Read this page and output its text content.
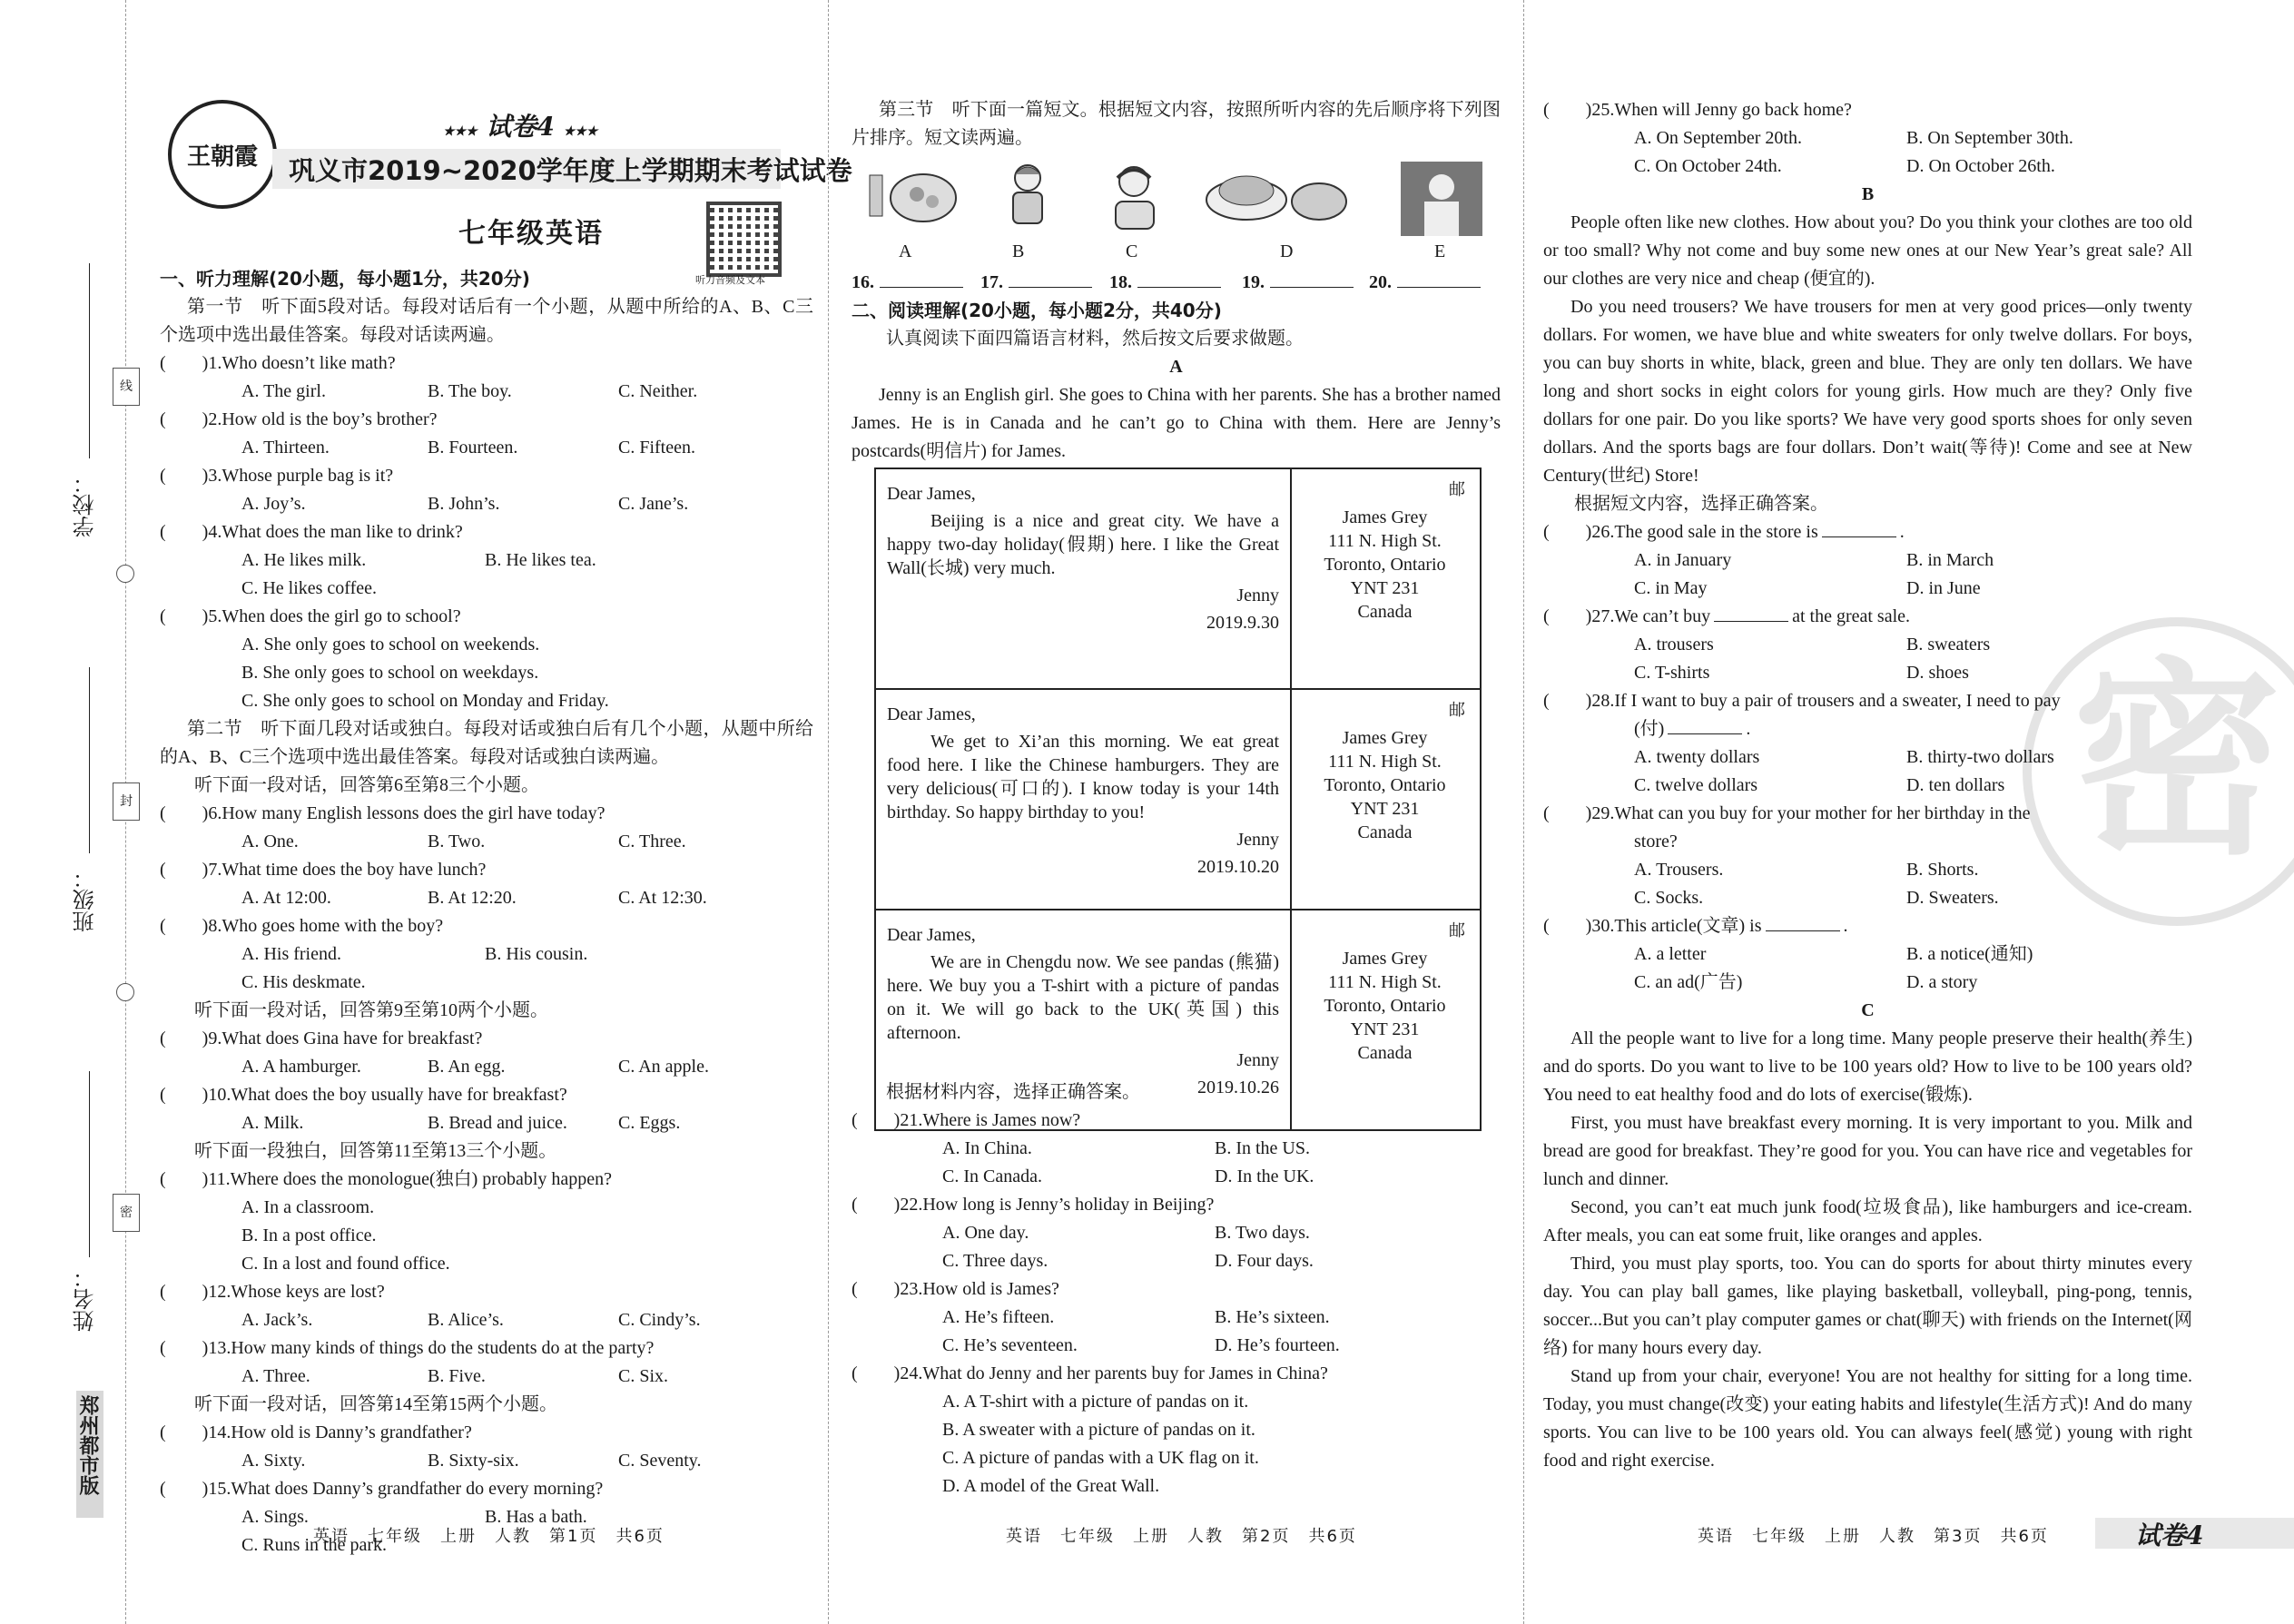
学校：
班级：
姓名：
郑州都市版
线
封
密
王朝霞
★★★ 试卷4 ★★★
巩义市2019~2020学年度上学期期末考试试卷
七年级英语
听力音频及文本
一、听力理解(20小题，每小题1分，共20分)
第一节　听下面5段对话。每段对话后有一个小题，从题中所给的A、B、C三个选项中选出最佳答案。每段对话读两遍。
(　　)1.Who doesn’t like math?
A. The girl.	B. The boy.	C. Neither.
(　　)2.How old is the boy’s brother?
A. Thirteen.	B. Fourteen.	C. Fifteen.
(　　)3.Whose purple bag is it?
A. Joy’s.	B. John’s.	C. Jane’s.
(　　)4.What does the man like to drink?
A. He likes milk.	B. He likes tea.
C. He likes coffee.
(　　)5.When does the girl go to school?
A. She only goes to school on weekends.
B. She only goes to school on weekdays.
C. She only goes to school on Monday and Friday.
第二节　听下面几段对话或独白。每段对话或独白后有几个小题，从题中所给的A、B、C三个选项中选出最佳答案。每段对话或独白读两遍。
听下面一段对话，回答第6至第8三个小题。
(　　)6.How many English lessons does the girl have today?
A. One.	B. Two.	C. Three.
(　　)7.What time does the boy have lunch?
A. At 12:00.	B. At 12:20.	C. At 12:30.
(　　)8.Who goes home with the boy?
A. His friend.	B. His cousin.
C. His deskmate.
听下面一段对话，回答第9至第10两个小题。
(　　)9.What does Gina have for breakfast?
A. A hamburger.	B. An egg.	C. An apple.
(　　)10.What does the boy usually have for breakfast?
A. Milk.	B. Bread and juice.	C. Eggs.
听下面一段独白，回答第11至第13三个小题。
(　　)11.Where does the monologue(独白) probably happen?
A. In a classroom.
B. In a post office.
C. In a lost and found office.
(　　)12.Whose keys are lost?
A. Jack’s.	B. Alice’s.	C. Cindy’s.
(　　)13.How many kinds of things do the students do at the party?
A. Three.	B. Five.	C. Six.
听下面一段对话，回答第14至第15两个小题。
(　　)14.How old is Danny’s grandfather?
A. Sixty.	B. Sixty-six.	C. Seventy.
(　　)15.What does Danny’s grandfather do every morning?
A. Sings.	B. Has a bath.
C. Runs in the park.
英语　七年级　上册　人教　第1页　共6页
第三节　听下面一篇短文。根据短文内容，按照所听内容的先后顺序将下列图片排序。短文读两遍。
A	B	C	D	E
16.	17.	18.	19.	20.
二、阅读理解(20小题，每小题2分，共40分)
认真阅读下面四篇语言材料，然后按文后要求做题。
A
Jenny is an English girl. She goes to China with her parents. She has a brother named James. He is in Canada and he can’t go to China with them. Here are Jenny’s postcards(明信片) for James.
Dear James,
Beijing is a nice and great city. We have a happy two-day holiday(假期) here. I like the Great Wall(长城) very much.
Jenny
2019.9.30
邮
James Grey
111 N. High St.
Toronto, Ontario
YNT 231
Canada
Dear James,
We get to Xi’an this morning. We eat great food here. I like the Chinese hamburgers. They are very delicious(可口的). I know today is your 14th birthday. So happy birthday to you!
Jenny
2019.10.20
邮
James Grey
111 N. High St.
Toronto, Ontario
YNT 231
Canada
Dear James,
We are in Chengdu now. We see pandas (熊猫) here. We buy you a T-shirt with a picture of pandas on it. We will go back to the UK(英国) this afternoon.
Jenny
2019.10.26
邮
James Grey
111 N. High St.
Toronto, Ontario
YNT 231
Canada
根据材料内容，选择正确答案。
(　　)21.Where is James now?
A. In China.	B. In the US.
C. In Canada.	D. In the UK.
(　　)22.How long is Jenny’s holiday in Beijing?
A. One day.	B. Two days.
C. Three days.	D. Four days.
(　　)23.How old is James?
A. He’s fifteen.	B. He’s sixteen.
C. He’s seventeen.	D. He’s fourteen.
(　　)24.What do Jenny and her parents buy for James in China?
A. A T-shirt with a picture of pandas on it.
B. A sweater with a picture of pandas on it.
C. A picture of pandas with a UK flag on it.
D. A model of the Great Wall.
英语　七年级　上册　人教　第2页　共6页
密
(　　)25.When will Jenny go back home?
A. On September 20th.	B. On September 30th.
C. On October 24th.	D. On October 26th.
B
People often like new clothes. How about you? Do you think your clothes are too old or too small? Why not come and buy some new ones at our New Year’s great sale? All our clothes are very nice and cheap (便宜的).
Do you need trousers? We have trousers for men at very good prices—only twenty dollars. For women, we have blue and white sweaters for only twelve dollars. For boys, you can buy shorts in white, black, green and blue. They are only ten dollars. We have long and short socks in eight colors for young girls. How much are they? Only five dollars for one pair. Do you like sports? We have very good sports shoes for only seven dollars. And the sports bags are four dollars. Don’t wait(等待)! Come and see at New Century(世纪) Store!
根据短文内容，选择正确答案。
(　　)26.The good sale in the store is	.
A. in January	B. in March
C. in May	D. in June
(　　)27.We can’t buy	at the great sale.
A. trousers	B. sweaters
C. T-shirts	D. shoes
(　　)28.If I want to buy a pair of trousers and a sweater, I need to pay
(付)	.
A. twenty dollars	B. thirty-two dollars
C. twelve dollars	D. ten dollars
(　　)29.What can you buy for your mother for her birthday in the
store?
A. Trousers.	B. Shorts.
C. Socks.	D. Sweaters.
(　　)30.This article(文章) is	.
A. a letter	B. a notice(通知)
C. an ad(广告)	D. a story
C
All the people want to live for a long time. Many people preserve their health(养生) and do sports. Do you want to live to be 100 years old? How to live to be 100 years old? You need to eat healthy food and do lots of exercise(锻炼).
First, you must have breakfast every morning. It is very important to you. Milk and bread are good for breakfast. They’re good for you. You can have rice and vegetables for lunch and dinner.
Second, you can’t eat much junk food(垃圾食品), like hamburgers and ice-cream. After meals, you can eat some fruit, like oranges and apples.
Third, you must play sports, too. You can do sports for about thirty minutes every day. You can play ball games, like playing basketball, volleyball, ping-pong, tennis, soccer...But you can’t play computer games or chat(聊天) with friends on the Internet(网络) for many hours every day.
Stand up from your chair, everyone! You are not healthy for sitting for a long time. Today, you must change(改变) your eating habits and lifestyle(生活方式)! And do many sports. You can live to be 100 years old. You can always feel(感觉) young with right food and right exercise.
英语　七年级　上册　人教　第3页　共6页	试卷4
